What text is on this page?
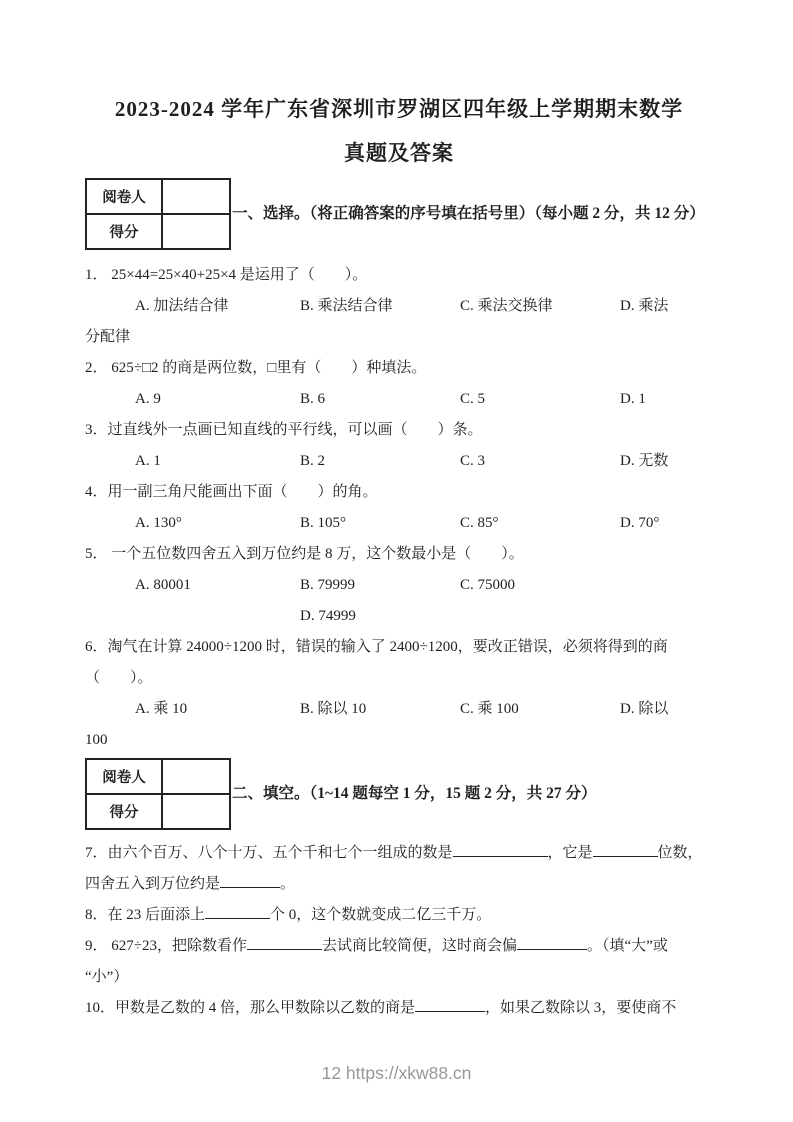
2023-2024 学年广东省深圳市罗湖区四年级上学期期末数学
真题及答案
阅卷人	
得分	
一、选择。（将正确答案的序号填在括号里）（每小题 2 分，共 12 分）
1． 25×44=25×40+25×4 是运用了（　　）。
A. 加法结合律	B. 乘法结合律	C. 乘法交换律	D. 乘法
分配律
2． 625÷□2 的商是两位数，□里有（　　）种填法。
A. 9	B. 6	C. 5	D. 1
3．过直线外一点画已知直线的平行线，可以画（　　）条。
A. 1	B. 2	C. 3	D. 无数
4．用一副三角尺能画出下面（　　）的角。
A. 130°	B. 105°	C. 85°	D. 70°
5． 一个五位数四舍五入到万位约是 8 万，这个数最小是（　　）。
A. 80001	B. 79999	C. 75000
D. 74999
6．淘气在计算 24000÷1200 时，错误的输入了 2400÷1200，要改正错误，必须将得到的商
（　　）。
A. 乘 10	B. 除以 10	C. 乘 100	D. 除以
100
阅卷人	
得分	
二、填空。（1~14 题每空 1 分，15 题 2 分，共 27 分）
7．由六个百万、八个十万、五个千和七个一组成的数是	，它是	位数，
四舍五入到万位约是	。
8．在 23 后面添上	个 0，这个数就变成二亿三千万。
9． 627÷23，把除数看作	去试商比较简便，这时商会偏	。（填“大”或
“小”）
10．甲数是乙数的 4 倍，那么甲数除以乙数的商是	，如果乙数除以 3，要使商不
12 https://xkw88.cn
